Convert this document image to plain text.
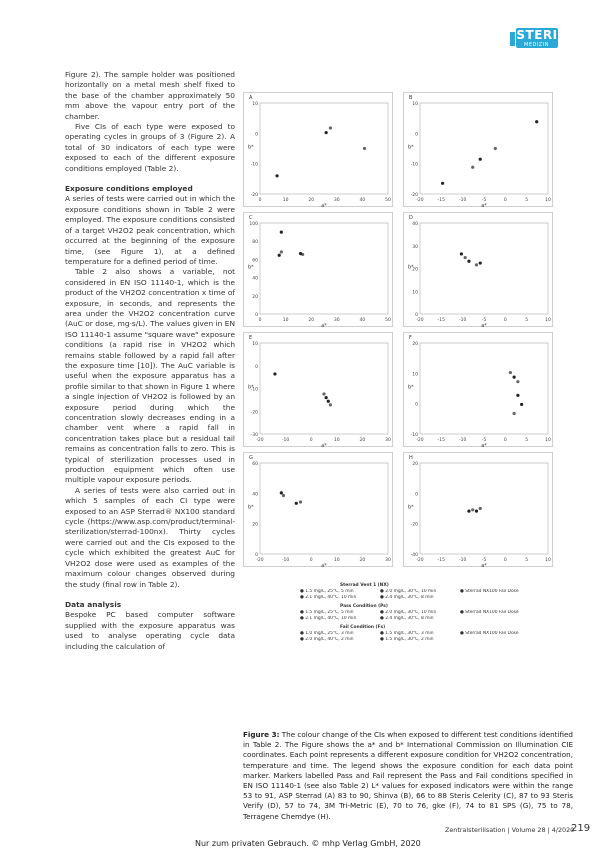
STERI
MEDIZIN

Figure 2). The sample holder was positioned horizontally on a metal mesh shelf fixed to the base of the chamber approximately 50 mm above the vapour entry port of the chamber.

Five CIs of each type were exposed to operating cycles in groups of 3 (Figure 2). A total of 30 indicators of each type were exposed to each of the different exposure conditions employed (Table 2).

Exposure conditions employed

A series of tests were carried out in which the exposure conditions shown in Table 2 were employed. The exposure conditions consisted of a target VH2O2 peak concentration, which occurred at the beginning of the exposure time, (see Figure 1), at a defined temperature for a defined period of time.

Table 2 also shows a variable, not considered in EN ISO 11140-1, which is the product of the VH2O2 concentration x time of exposure, in seconds, and represents the area under the VH2O2 concentration curve (AuC or dose, mg·s/L). The values given in EN ISO 11140-1 assume "square wave" exposure conditions (a rapid rise in VH2O2 which remains stable followed by a rapid fall after the exposure time [10]). The AuC variable is useful when the exposure apparatus has a profile similar to that shown in Figure 1 where a single injection of VH2O2 is followed by an exposure period during which the concentration slowly decreases ending in a chamber vent where a rapid fall in concentration takes place but a residual tail remains as concentration falls to zero. This is typical of sterilization processes used in production equipment which often use multiple vapour exposure periods.

A series of tests were also carried out in which 5 samples of each CI type were exposed to an ASP Sterrad® NX100 standard cycle (https://www.asp.com/product/terminal-sterilization/sterrad-100nx). Thirty cycles were carried out and the CIs exposed to the cycle which exhibited the greatest AuC for VH2O2 dose were used as examples of the maximum colour changes observed during the study (final row in Table 2).

Data analysis

Bespoke PC based computer software supplied with the exposure apparatus was used to analyse operating cycle data including the calculation of

A
0	10	20	30	40	50
10
0
-10
-20
a*
b*
B
-20	-15	-10	-5	0	5	10
10
0
-10
-20
a*
b*
C
0	10	20	30	40	50
100
80
60
40
20
0
a*
b*
D
-20	-15	-10	-5	0	5	10
40
30
20
10
0
a*
b*
E
-20	-10	0	10	20	30
10
0
-10
-20
-30
a*
b*
F
-20	-15	-10	-5	0	5	10
20
10
0
-10
a*
b*
G
-20	-10	0	10	20	30
60
40
20
0
a*
b*
H
-20	-15	-10	-5	0	5	10
20
0
-20
-40
a*
b*
Sterrad Vent 1 (NX)
● 1.5 mg/L, 25°C, 5 min	● 2.0 mg/L, 30°C, 10 min	● Sterrad NX100 Fail Dose
● 2.1 mg/L, 40°C, 10 min	● 2.4 mg/L, 30°C, 8 min
Pass Condition (Ps)
● 1.5 mg/L, 25°C, 5 min	● 2.0 mg/L, 30°C, 10 min	● Sterrad NX100 Fail Dose
● 2.1 mg/L, 40°C, 10 min	● 2.4 mg/L, 30°C, 8 min
Fail Condition (Fs)
● 1.0 mg/L, 25°C, 3 min	● 1.5 mg/L, 30°C, 3 min	● Sterrad NX100 Fail Dose
● 2.0 mg/L, 40°C, 2 min	● 1.5 mg/L, 30°C, 2 min
Figure 3: The colour change of the CIs when exposed to different test conditions identified in Table 2. The Figure shows the a* and b* International Commission on Illumination CIE coordinates. Each point represents a different exposure condition for VH2O2 concentration, temperature and time. The legend shows the exposure condition for each data point marker. Markers labelled Pass and Fail represent the Pass and Fail conditions specified in EN ISO 11140-1 (see also Table 2) L* values for exposed indicators were within the range 53 to 91, ASP Sterrad (A) 83 to 90, Shinva (B), 66 to 88 Steris Celerity (C), 87 to 93 Steris Verify (D), 57 to 74, 3M Tri-Metric (E), 70 to 76, gke (F), 74 to 81 SPS (G), 75 to 78, Terragene Chemdye (H).
Zentralsterilisation | Volume 28 | 4/2020
219
Nur zum privaten Gebrauch. © mhp Verlag GmbH, 2020
